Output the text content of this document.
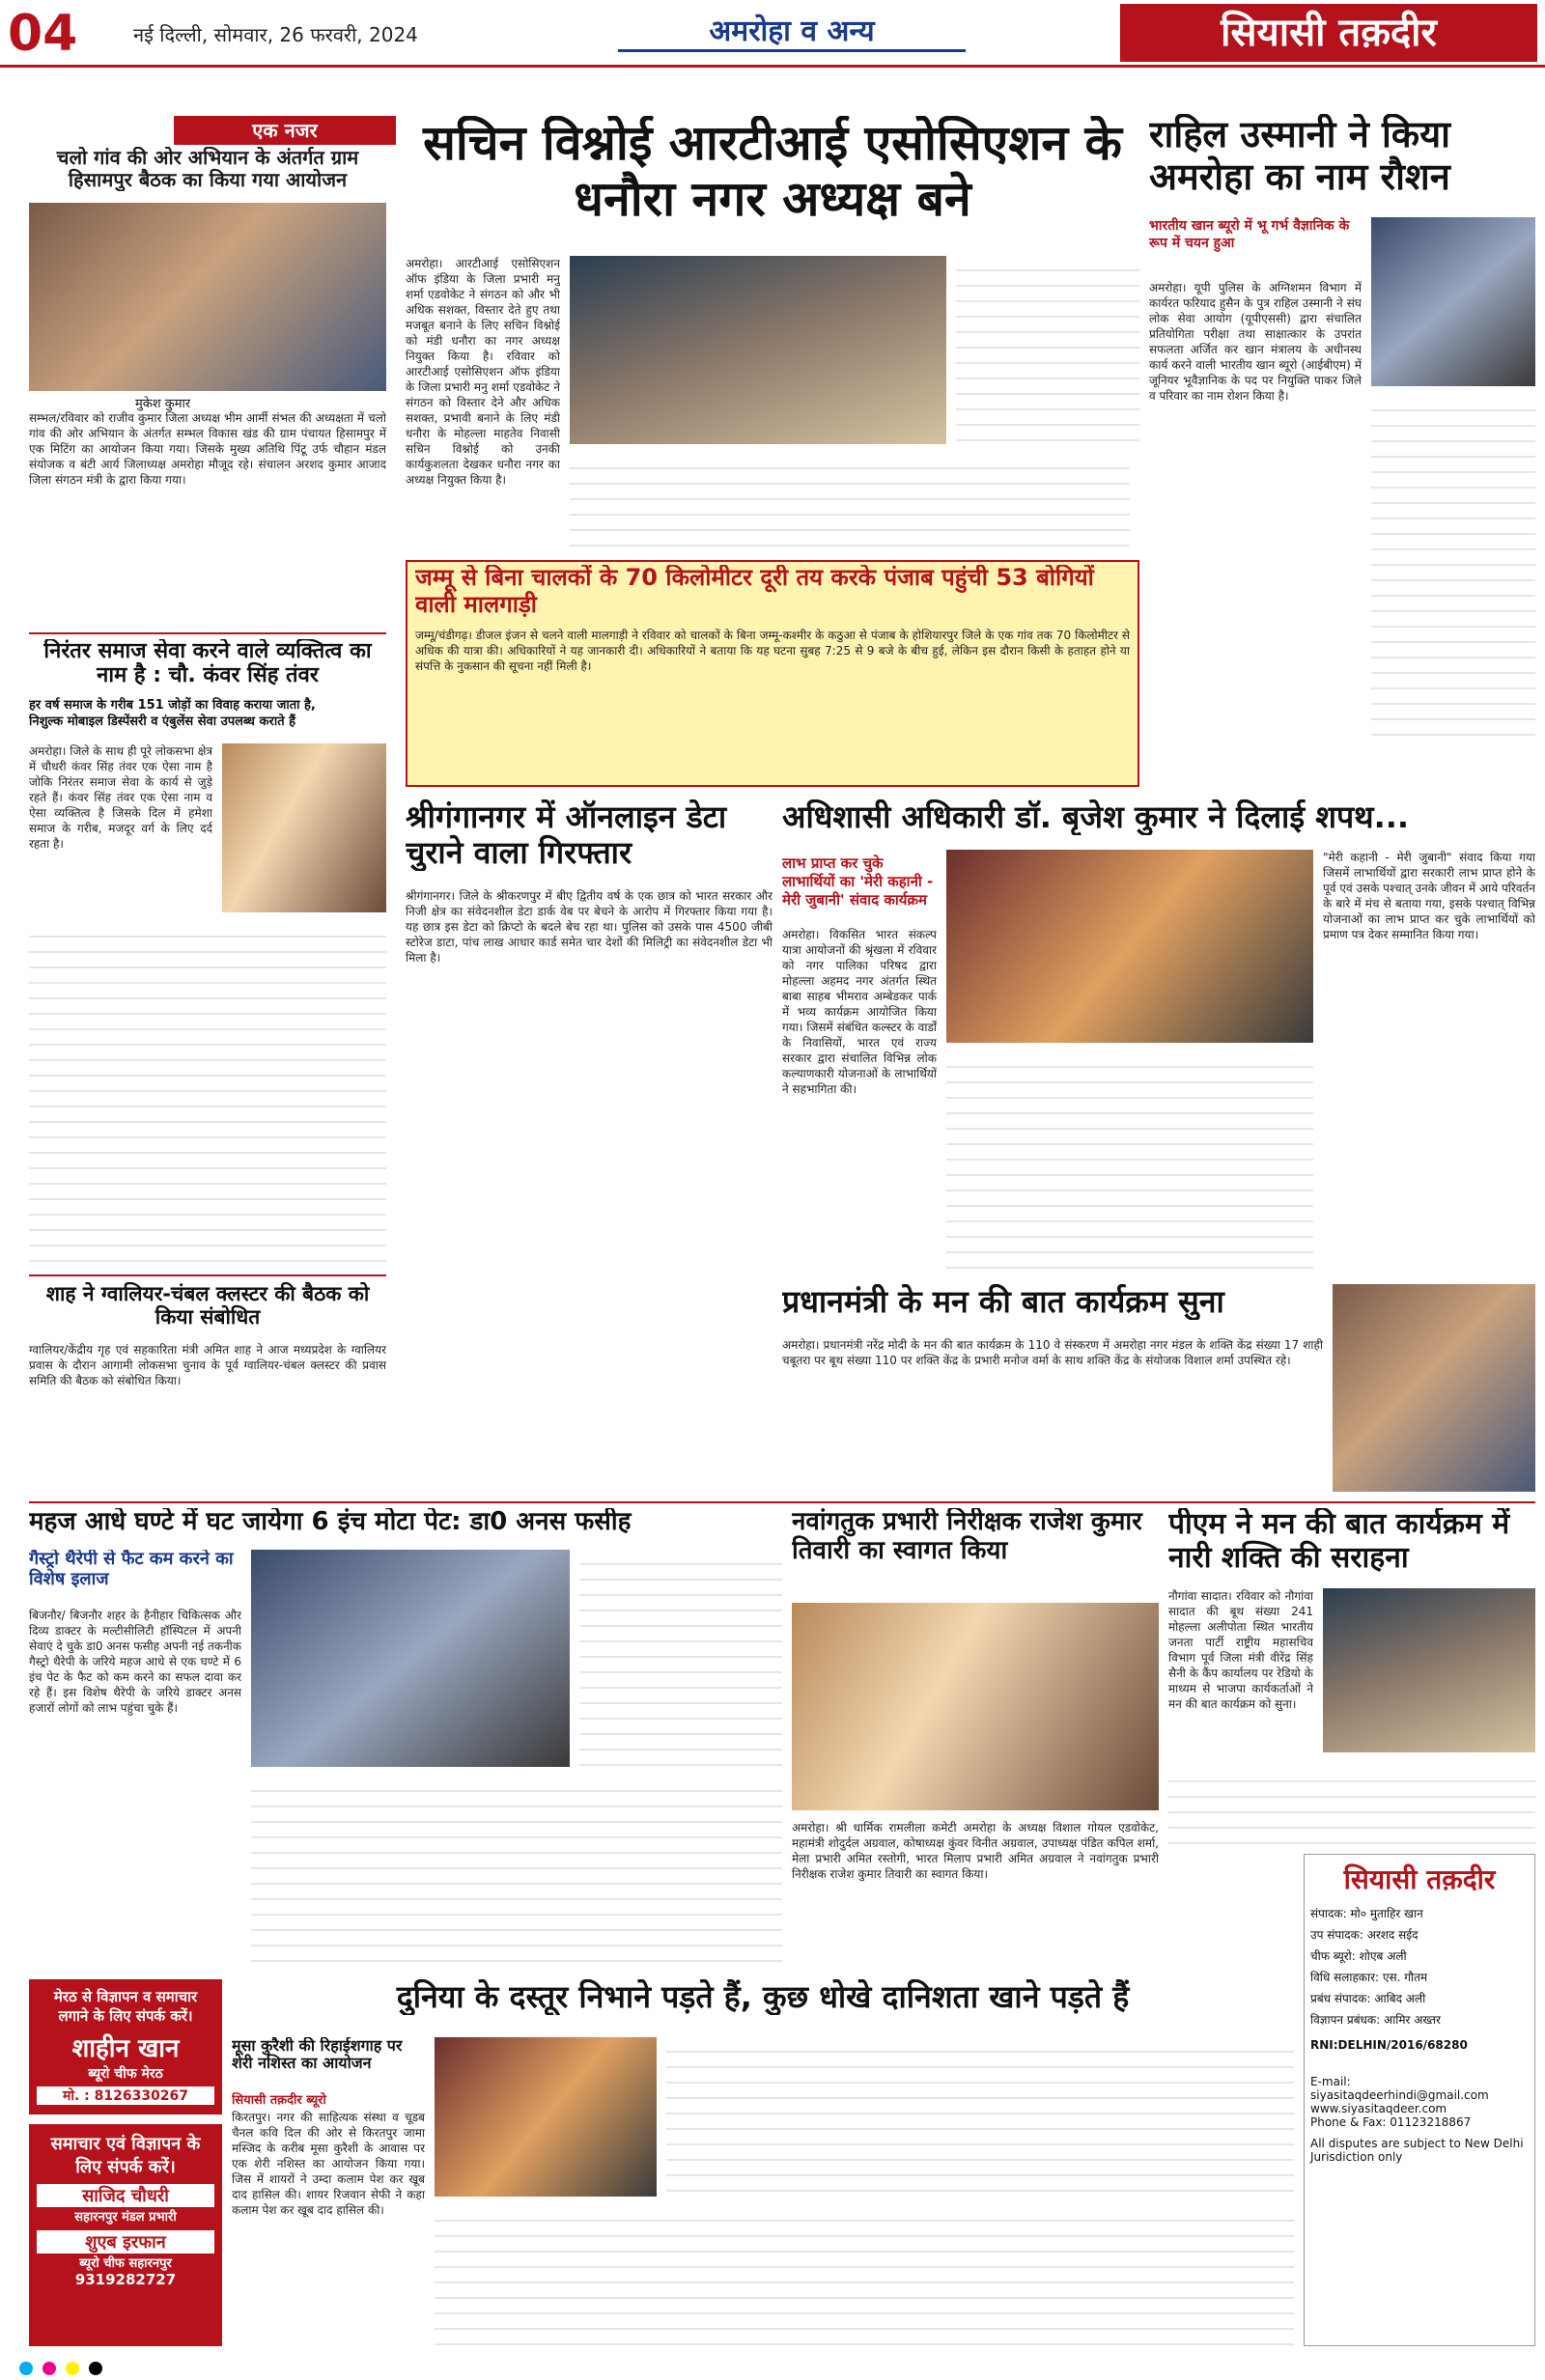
04	नई दिल्ली, सोमवार, 26 फरवरी, 2024	अमरोहा व अन्य	सियासी तक़दीर
एक नजर
चलो गांव की ओर अभियान के अंतर्गत ग्राम हिसामपुर बैठक का किया गया आयोजन
मुकेश कुमार
सम्भल/रविवार को राजीव कुमार जिला अध्यक्ष भीम आर्मी संभल की अध्यक्षता में चलो गांव की ओर अभियान के अंतर्गत सम्भल विकास खंड की ग्राम पंचायत हिसामपुर में एक मिटिंग का आयोजन किया गया। जिसके मुख्य अतिथि पिंटू उर्फ चौहान मंडल संयोजक व बंटी आर्य जिलाध्यक्ष अमरोहा मौजूद रहे। संचालन अरशद कुमार आजाद जिला संगठन मंत्री के द्वारा किया गया।
निरंतर समाज सेवा करने वाले व्यक्तित्व का नाम है : चौ. कंवर सिंह तंवर
हर वर्ष समाज के गरीब 151 जोड़ों का विवाह कराया जाता है,
निशुल्क मोबाइल डिस्पेंसरी व एंबुलेंस सेवा उपलब्ध कराते हैं
अमरोहा। जिले के साथ ही पूरे लोकसभा क्षेत्र में चौधरी कंवर सिंह तंवर एक ऐसा नाम है जोकि निरंतर समाज सेवा के कार्य से जुड़े रहते हैं। कंवर सिंह तंवर एक ऐसा नाम व ऐसा व्यक्तित्व है जिसके दिल में हमेशा समाज के गरीब, मजदूर वर्ग के लिए दर्द रहता है।
शाह ने ग्वालियर-चंबल क्लस्टर की बैठक को किया संबोधित
ग्वालियर/केंद्रीय गृह एवं सहकारिता मंत्री अमित शाह ने आज मध्यप्रदेश के ग्वालियर प्रवास के दौरान आगामी लोकसभा चुनाव के पूर्व ग्वालियर-चंबल क्लस्टर की प्रवास समिति की बैठक को संबोधित किया।
सचिन विश्नोई आरटीआई एसोसिएशन के धनौरा नगर अध्यक्ष बने
अमरोहा। आरटीआई एसोसिएशन ऑफ इंडिया के जिला प्रभारी मनु शर्मा एडवोकेट ने संगठन को और भी अधिक सशक्त, विस्तार देते हुए तथा मजबूत बनाने के लिए सचिन विश्नोई को मंडी धनौरा का नगर अध्यक्ष नियुक्त किया है। रविवार को आरटीआई एसोसिएशन ऑफ इंडिया के जिला प्रभारी मनु शर्मा एडवोकेट ने संगठन को विस्तार देने और अधिक सशक्त, प्रभावी बनाने के लिए मंडी धनौरा के मोहल्ला माहतेव निवासी सचिन विश्नोई को उनकी कार्यकुशलता देखकर धनौरा नगर का अध्यक्ष नियुक्त किया है।
राहिल उस्मानी ने किया अमरोहा का नाम रौशन
भारतीय खान ब्यूरो में भू गर्भ वैज्ञानिक के रूप में चयन हुआ
अमरोहा। यूपी पुलिस के अग्निशमन विभाग में कार्यरत फरियाद हुसैन के पुत्र राहिल उस्मानी ने संघ लोक सेवा आयोग (यूपीएससी) द्वारा संचालित प्रतियोगिता परीक्षा तथा साक्षात्कार के उपरांत सफलता अर्जित कर खान मंत्रालय के अधीनस्थ कार्य करने वाली भारतीय खान ब्यूरो (आईबीएम) में जूनियर भूवैज्ञानिक के पद पर नियुक्ति पाकर जिले व परिवार का नाम रोशन किया है।
जम्मू से बिना चालकों के 70 किलोमीटर दूरी तय करके पंजाब पहुंची 53 बोगियों वाली मालगाड़ी
जम्मू/चंडीगढ़। डीजल इंजन से चलने वाली मालगाड़ी ने रविवार को चालकों के बिना जम्मू-कश्मीर के कठुआ से पंजाब के होशियारपुर जिले के एक गांव तक 70 किलोमीटर से अधिक की यात्रा की। अधिकारियों ने यह जानकारी दी। अधिकारियों ने बताया कि यह घटना सुबह 7:25 से 9 बजे के बीच हुई, लेकिन इस दौरान किसी के हताहत होने या संपत्ति के नुकसान की सूचना नहीं मिली है।
श्रीगंगानगर में ऑनलाइन डेटा चुराने वाला गिरफ्तार
श्रीगंगानगर। जिले के श्रीकरणपुर में बीए द्वितीय वर्ष के एक छात्र को भारत सरकार और निजी क्षेत्र का संवेदनशील डेटा डार्क वेब पर बेचने के आरोप में गिरफ्तार किया गया है। यह छात्र इस डेटा को क्रिप्टो के बदले बेच रहा था। पुलिस को उसके पास 4500 जीबी स्टोरेज डाटा, पांच लाख आधार कार्ड समेत चार देशों की मिलिट्री का संवेदनशील डेटा भी मिला है।
अधिशासी अधिकारी डॉ. बृजेश कुमार ने दिलाई शपथ...
लाभ प्राप्त कर चुके लाभार्थियों का 'मेरी कहानी - मेरी जुबानी' संवाद कार्यक्रम
अमरोहा। विकसित भारत संकल्प यात्रा आयोजनों की श्रृंखला में रविवार को नगर पालिका परिषद द्वारा मोहल्ला अहमद नगर अंतर्गत स्थित बाबा साहब भीमराव अम्बेडकर पार्क में भव्य कार्यक्रम आयोजित किया गया। जिसमें संबंधित कल्स्टर के वार्डों के निवासियों, भारत एवं राज्य सरकार द्वारा संचालित विभिन्न लोक कल्याणकारी योजनाओं के लाभार्थियों ने सहभागिता की।
"मेरी कहानी - मेरी जुबानी" संवाद किया गया जिसमें लाभार्थियों द्वारा सरकारी लाभ प्राप्त होने के पूर्व एवं उसके पश्चात् उनके जीवन में आये परिवर्तन के बारे में मंच से बताया गया, इसके पश्चात् विभिन्न योजनाओं का लाभ प्राप्त कर चुके लाभार्थियों को प्रमाण पत्र देकर सम्मानित किया गया।
प्रधानमंत्री के मन की बात कार्यक्रम सुना
अमरोहा। प्रधानमंत्री नरेंद्र मोदी के मन की बात कार्यक्रम के 110 वे संस्करण में अमरोहा नगर मंडल के शक्ति केंद्र संख्या 17 शाही चबूतरा पर बूथ संख्या 110 पर शक्ति केंद्र के प्रभारी मनोज वर्मा के साथ शक्ति केंद्र के संयोजक विशाल शर्मा उपस्थित रहे।
महज आधे घण्टे में घट जायेगा 6 इंच मोटा पेट: डा0 अनस फसीह
गैस्ट्रो थैरेपी से फैट कम करने का विशेष इलाज
बिजनौर/ बिजनौर शहर के हैनीहार चिकित्सक और दिव्य डाक्टर के मल्टीसीलिटी हॉस्पिटल में अपनी सेवाएं दे चुके डा0 अनस फसीह अपनी नई तकनीक गैस्ट्रो थैरेपी के जरिये महज आधे से एक घण्टे में 6 इंच पेट के फैट को कम करने का सफल दावा कर रहे हैं। इस विशेष थैरेपी के जरिये डाक्टर अनस हजारों लोगों को लाभ पहुंचा चुके हैं।
नवांगतुक प्रभारी निरीक्षक राजेश कुमार तिवारी का स्वागत किया
अमरोहा। श्री धार्मिक रामलीला कमेटी अमरोहा के अध्यक्ष विशाल गोयल एडवोकेट, महामंत्री शोदुर्दल अग्रवाल, कोषाध्यक्ष कुंवर विनीत अग्रवाल, उपाध्यक्ष पंडित कपिल शर्मा, मेला प्रभारी अमित रस्तोगी, भारत मिलाप प्रभारी अमित अग्रवाल ने नवांगतुक प्रभारी निरीक्षक राजेश कुमार तिवारी का स्वागत किया।
पीएम ने मन की बात कार्यक्रम में नारी शक्ति की सराहना
नौगांवा सादात। रविवार को नौगांवा सादात की बूथ संख्या 241 मोहल्ला अलीपोता स्थित भारतीय जनता पार्टी राष्ट्रीय महासचिव विभाग पूर्व जिला मंत्री वीरेंद्र सिंह सैनी के कैंप कार्यालय पर रेडियो के माध्यम से भाजपा कार्यकर्ताओं ने मन की बात कार्यक्रम को सुना।
मेरठ से विज्ञापन व समाचार लगाने के लिए संपर्क करें।
शाहीन खान
ब्यूरो चीफ मेरठ
मो. : 8126330267
समाचार एवं विज्ञापन के लिए संपर्क करें।
साजिद चौधरी
सहारनपुर मंडल प्रभारी
शुएब इरफान
ब्यूरो चीफ सहारनपुर
9319282727
दुनिया के दस्तूर निभाने पड़ते हैं, कुछ धोखे दानिशता खाने पड़ते हैं
मूसा कुरैशी की रिहाईशगाह पर शेरी नशिस्त का आयोजन
सियासी तक़दीर ब्यूरो
किरतपुर। नगर की साहित्यक संस्था व चूडब चैनल कवि दिल की ओर से किरतपुर जामा मस्जिद के करीब मूसा कुरैशी के आवास पर एक शेरी नशिस्त का आयोजन किया गया। जिस में शायरों ने उम्दा कलाम पेश कर खूब दाद हासिल की। शायर रिजवान सेफी ने कहा कलाम पेश कर खूब दाद हासिल की।
सियासी तक़दीर
संपादक: मो० मुताहिर खान
उप संपादक: अरशद सईद
चीफ ब्यूरो: शोएब अली
विधि सलाहकार: एस. गौतम
प्रबंध संपादक: आबिद अली
विज्ञापन प्रबंधक: आमिर अख्तर
RNI:DELHIN/2016/68280
E-mail:
siyasitaqdeerhindi@gmail.com
www.siyasitaqdeer.com
Phone & Fax: 01123218867
All disputes are subject to New Delhi Jurisdiction only
